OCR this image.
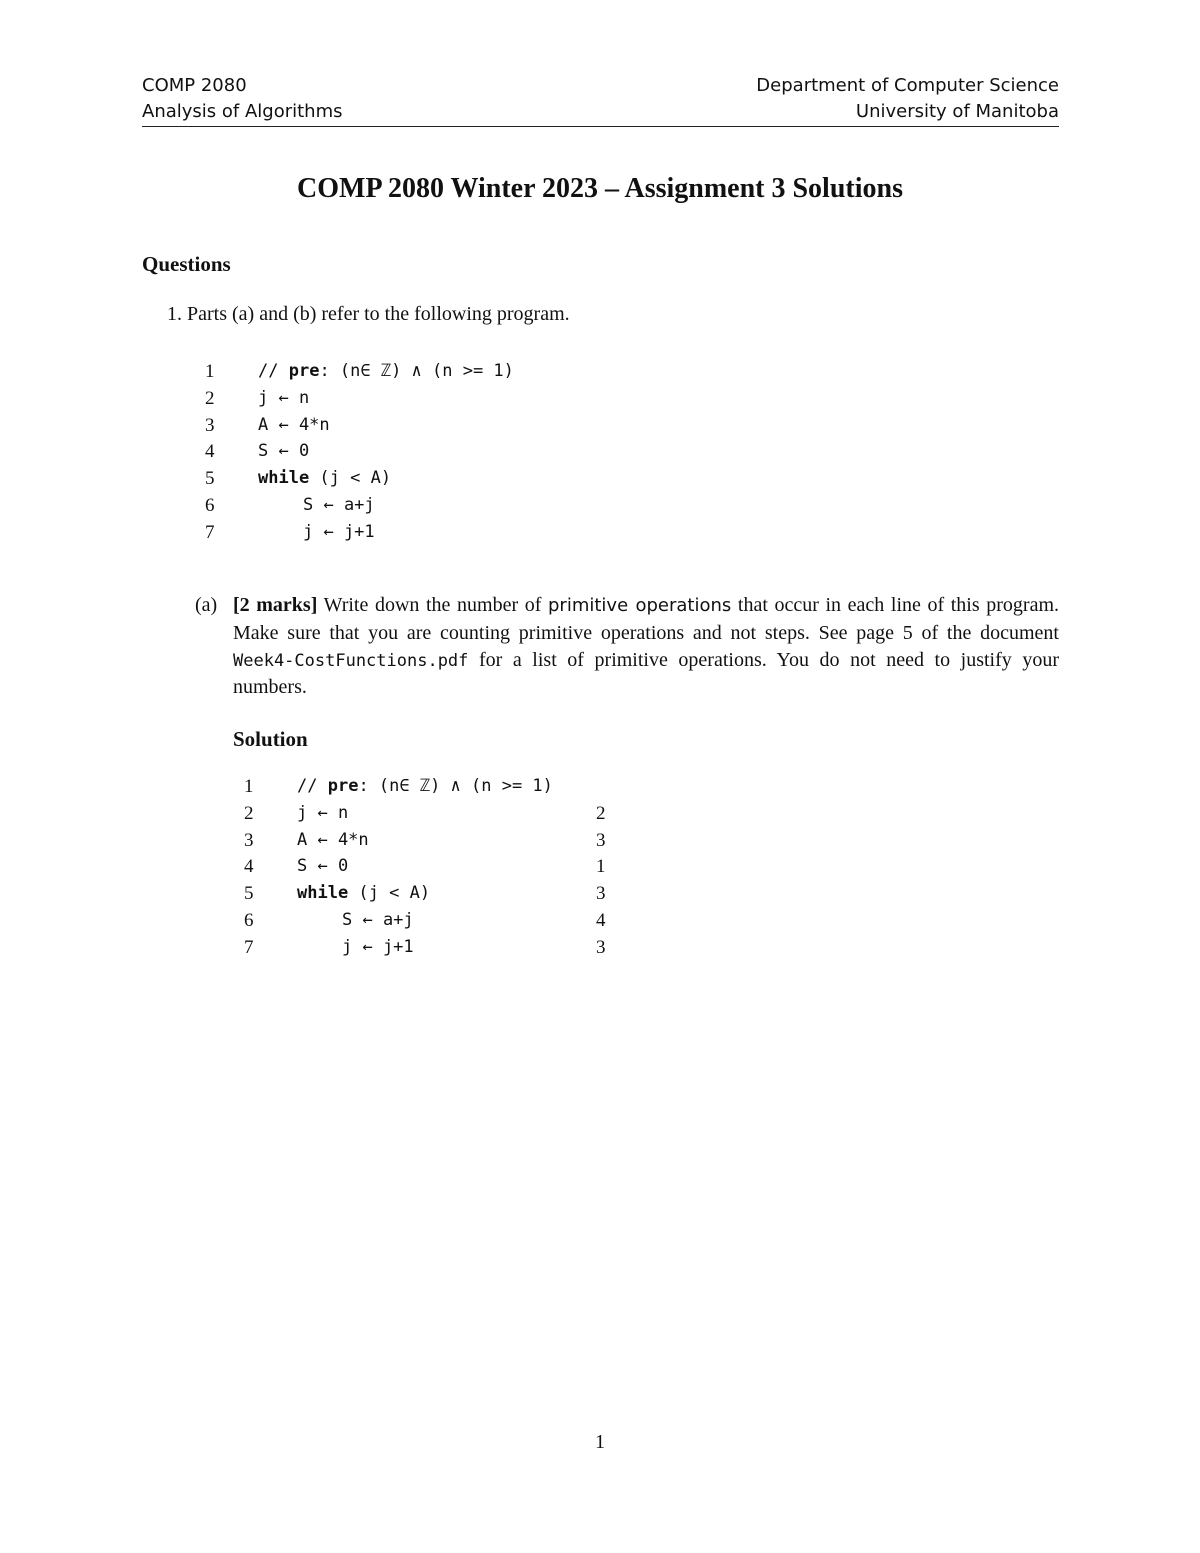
COMP 2080
Analysis of Algorithms
Department of Computer Science
University of Manitoba
COMP 2080 Winter 2023 – Assignment 3 Solutions
Questions
1. Parts (a) and (b) refer to the following program.
1	// pre: (n∈ ℤ) ∧ (n >= 1)
2	j ← n
3	A ← 4*n
4	S ← 0
5	while (j < A)
6	S ← a+j
7	j ← j+1
(a) [2 marks] Write down the number of primitive operations that occur in each line of this program. Make sure that you are counting primitive operations and not steps. See page 5 of the document Week4-CostFunctions.pdf for a list of primitive operations. You do not need to justify your numbers.
Solution
1	// pre: (n∈ ℤ) ∧ (n >= 1)
2	j ← n	2
3	A ← 4*n	3
4	S ← 0	1
5	while (j < A)	3
6	S ← a+j	4
7	j ← j+1	3
1
